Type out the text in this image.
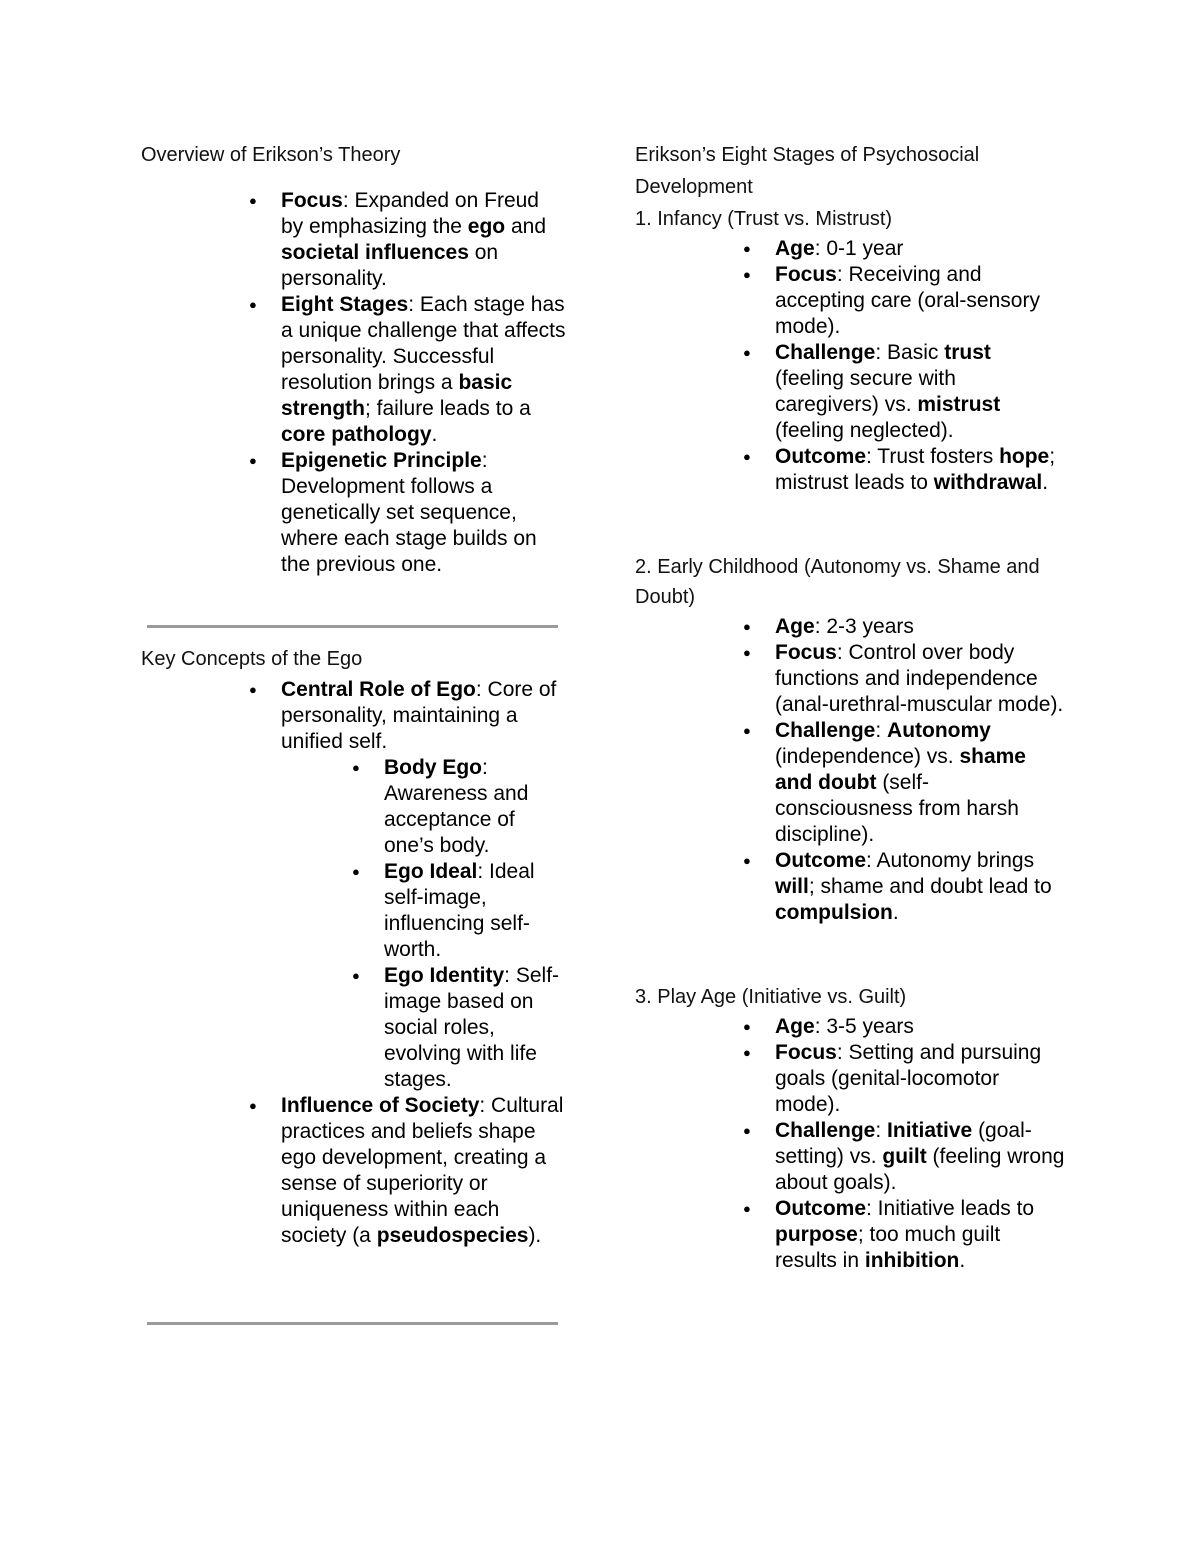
Overview of Erikson’s Theory
● Focus: Expanded on Freud by emphasizing the ego and societal influences on personality.
● Eight Stages: Each stage has a unique challenge that affects personality. Successful resolution brings a basic strength; failure leads to a core pathology.
● Epigenetic Principle: Development follows a genetically set sequence, where each stage builds on the previous one.
Key Concepts of the Ego
● Central Role of Ego: Core of personality, maintaining a unified self.
● Body Ego: Awareness and acceptance of one’s body.
● Ego Ideal: Ideal self-image, influencing self-worth.
● Ego Identity: Self-image based on social roles, evolving with life stages.
● Influence of Society: Cultural practices and beliefs shape ego development, creating a sense of superiority or uniqueness within each society (a pseudospecies).
Erikson’s Eight Stages of Psychosocial Development
1. Infancy (Trust vs. Mistrust)
● Age: 0-1 year
● Focus: Receiving and accepting care (oral-sensory mode).
● Challenge: Basic trust (feeling secure with caregivers) vs. mistrust (feeling neglected).
● Outcome: Trust fosters hope; mistrust leads to withdrawal.
2. Early Childhood (Autonomy vs. Shame and Doubt)
● Age: 2-3 years
● Focus: Control over body functions and independence (anal-urethral-muscular mode).
● Challenge: Autonomy (independence) vs. shame and doubt (self-consciousness from harsh discipline).
● Outcome: Autonomy brings will; shame and doubt lead to compulsion.
3. Play Age (Initiative vs. Guilt)
● Age: 3-5 years
● Focus: Setting and pursuing goals (genital-locomotor mode).
● Challenge: Initiative (goal-setting) vs. guilt (feeling wrong about goals).
● Outcome: Initiative leads to purpose; too much guilt results in inhibition.
